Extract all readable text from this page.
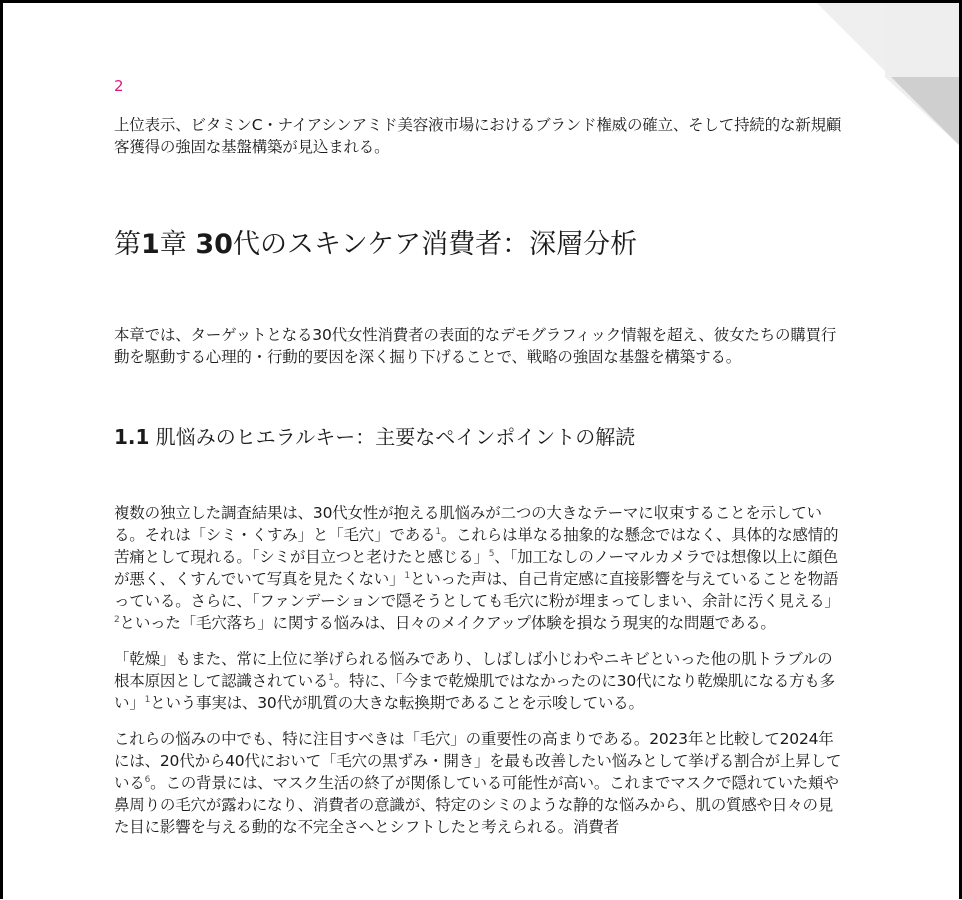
2

上位表示、ビタミンC・ナイアシンアミド美容液市場におけるブランド権威の確立、そして持続的な新規顧客獲得の強固な基盤構築が見込まれる。

第1章 30代のスキンケア消費者：深層分析

本章では、ターゲットとなる30代女性消費者の表面的なデモグラフィック情報を超え、彼女たちの購買行動を駆動する心理的・行動的要因を深く掘り下げることで、戦略の強固な基盤を構築する。

1.1 肌悩みのヒエラルキー：主要なペインポイントの解読

複数の独立した調査結果は、30代女性が抱える肌悩みが二つの大きなテーマに収束することを示している。それは「シミ・くすみ」と「毛穴」である$^1$。これらは単なる抽象的な懸念ではなく、具体的な感情的苦痛として現れる。「シミが目立つと老けたと感じる」$^5$、「加工なしのノーマルカメラでは想像以上に顔色が悪く、くすんでいて写真を見たくない」$^1$といった声は、自己肯定感に直接影響を与えていることを物語っている。さらに、「ファンデーションで隠そうとしても毛穴に粉が埋まってしまい、余計に汚く見える」$^2$といった「毛穴落ち」に関する悩みは、日々のメイクアップ体験を損なう現実的な問題である。

「乾燥」もまた、常に上位に挙げられる悩みであり、しばしば小じわやニキビといった他の肌トラブルの根本原因として認識されている$^1$。特に、「今まで乾燥肌ではなかったのに30代になり乾燥肌になる方も多い」$^1$という事実は、30代が肌質の大きな転換期であることを示唆している。

これらの悩みの中でも、特に注目すべきは「毛穴」の重要性の高まりである。2023年と比較して2024年には、20代から40代において「毛穴の黒ずみ・開き」を最も改善したい悩みとして挙げる割合が上昇している$^6$。この背景には、マスク生活の終了が関係している可能性が高い。これまでマスクで隠れていた頬や鼻周りの毛穴が露わになり、消費者の意識が、特定のシミのような静的な悩みから、肌の質感や日々の見た目に影響を与える動的な不完全さへとシフトしたと考えられる。消費者
